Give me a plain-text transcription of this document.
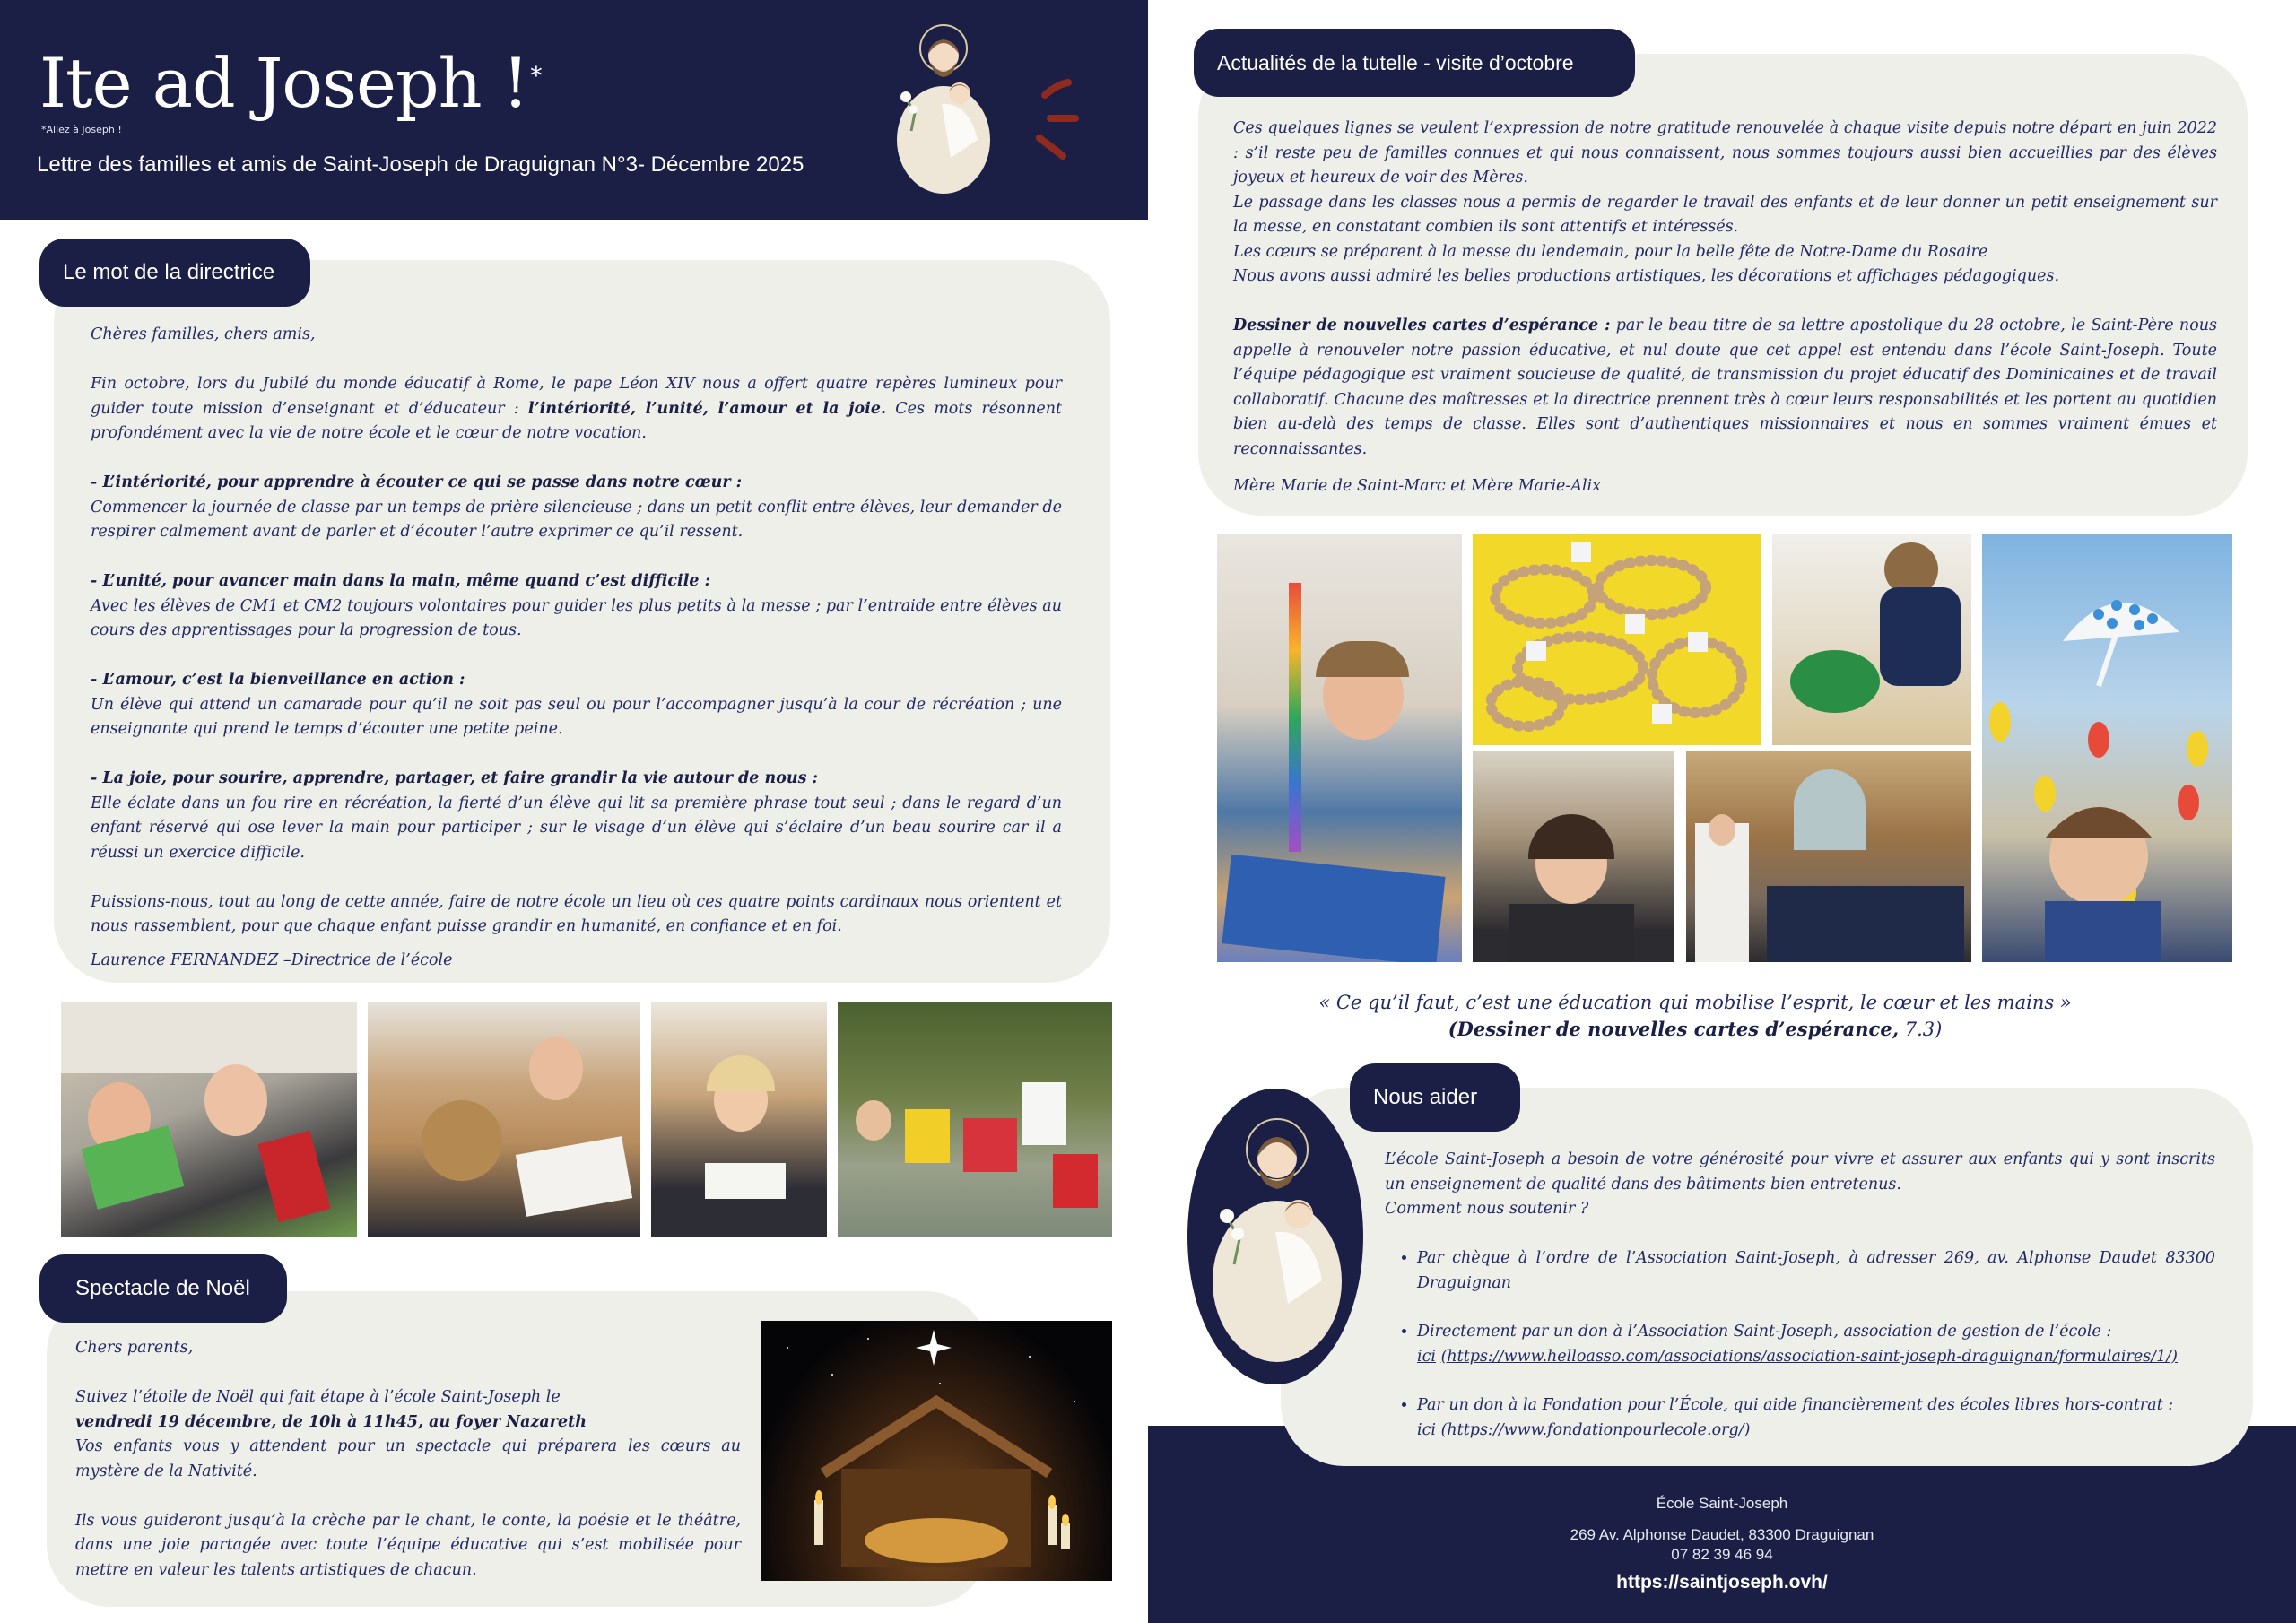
Ite ad Joseph !*
*Allez à Joseph !
Lettre des familles et amis de Saint-Joseph de Draguignan N°3- Décembre 2025
Le mot de la directrice

Chères familles, chers amis,

Fin octobre, lors du Jubilé du monde éducatif à Rome, le pape Léon XIV nous a offert quatre repères lumineux pour guider toute mission d’enseignant et d’éducateur : l’intériorité, l’unité, l’amour et la joie. Ces mots résonnent profondément avec la vie de notre école et le cœur de notre vocation.

- L’intériorité, pour apprendre à écouter ce qui se passe dans notre cœur :

Commencer la journée de classe par un temps de prière silencieuse ; dans un petit conflit entre élèves, leur demander de respirer calmement avant de parler et d’écouter l’autre exprimer ce qu’il ressent.

- L’unité, pour avancer main dans la main, même quand c’est difficile :

Avec les élèves de CM1 et CM2 toujours volontaires pour guider les plus petits à la messe ; par l’entraide entre élèves au cours des apprentissages pour la progression de tous.

- L’amour, c’est la bienveillance en action :

Un élève qui attend un camarade pour qu’il ne soit pas seul ou pour l’accompagner jusqu’à la cour de récréation ; une enseignante qui prend le temps d’écouter une petite peine.

- La joie, pour sourire, apprendre, partager, et faire grandir la vie autour de nous :

Elle éclate dans un fou rire en récréation, la fierté d’un élève qui lit sa première phrase tout seul ; dans le regard d’un enfant réservé qui ose lever la main pour participer ; sur le visage d’un élève qui s’éclaire d’un beau sourire car il a réussi un exercice difficile.

Puissions-nous, tout au long de cette année, faire de notre école un lieu où ces quatre points cardinaux nous orientent et nous rassemblent, pour que chaque enfant puisse grandir en humanité, en confiance et en foi.

Laurence FERNANDEZ –Directrice de l’école

Spectacle de Noël

Chers parents,

Suivez l’étoile de Noël qui fait étape à l’école Saint-Joseph le

vendredi 19 décembre, de 10h à 11h45, au foyer Nazareth

Vos enfants vous y attendent pour un spectacle qui préparera les cœurs au mystère de la Nativité.

Ils vous guideront jusqu’à la crèche par le chant, le conte, la poésie et le théâtre, dans une joie partagée avec toute l’équipe éducative qui s’est mobilisée pour mettre en valeur les talents artistiques de chacun.

Actualités de la tutelle - visite d’octobre

Ces quelques lignes se veulent l’expression de notre gratitude renouvelée à chaque visite depuis notre départ en juin 2022 : s’il reste peu de familles connues et qui nous connaissent, nous sommes toujours aussi bien accueillies par des élèves joyeux et heureux de voir des Mères.

Le passage dans les classes nous a permis de regarder le travail des enfants et de leur donner un petit enseignement sur la messe, en constatant combien ils sont attentifs et intéressés.

Les cœurs se préparent à la messe du lendemain, pour la belle fête de Notre-Dame du Rosaire

Nous avons aussi admiré les belles productions artistiques, les décorations et affichages pédagogiques.

Dessiner de nouvelles cartes d’espérance : par le beau titre de sa lettre apostolique du 28 octobre, le Saint-Père nous appelle à renouveler notre passion éducative, et nul doute que cet appel est entendu dans l’école Saint-Joseph. Toute l’équipe pédagogique est vraiment soucieuse de qualité, de transmission du projet éducatif des Dominicaines et de travail collaboratif. Chacune des maîtresses et la directrice prennent très à cœur leurs responsabilités et les portent au quotidien bien au-delà des temps de classe. Elles sont d’authentiques missionnaires et nous en sommes vraiment émues et reconnaissantes.

Mère Marie de Saint-Marc et Mère Marie-Alix

« Ce qu’il faut, c’est une éducation qui mobilise l’esprit, le cœur et les mains »
(Dessiner de nouvelles cartes d’espérance, 7.3)
École Saint-Joseph
269 Av. Alphonse Daudet, 83300 Draguignan
07 82 39 46 94
https://saintjoseph.ovh/
Nous aider

L’école Saint-Joseph a besoin de votre générosité pour vivre et assurer aux enfants qui y sont inscrits un enseignement de qualité dans des bâtiments bien entretenus.

Comment nous soutenir ?

• Par chèque à l’ordre de l’Association Saint-Joseph, à adresser 269, av. Alphonse Daudet 83300 Draguignan
• Directement par un don à l’Association Saint-Joseph, association de gestion de l’école :
ici (https://www.helloasso.com/associations/association-saint-joseph-draguignan/formulaires/1/)
• Par un don à la Fondation pour l’École, qui aide financièrement des écoles libres hors-contrat :
ici (https://www.fondationpourlecole.org/)
